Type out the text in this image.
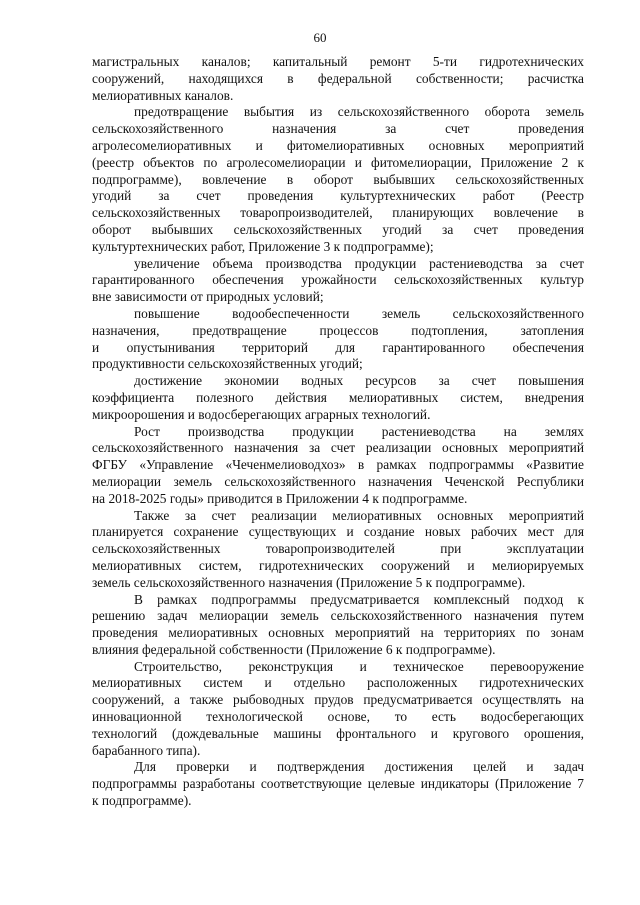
60
магистральных каналов; капитальный ремонт 5-ти гидротехнических
сооружений, находящихся в федеральной собственности; расчистка
мелиоративных каналов.
предотвращение выбытия из сельскохозяйственного оборота земель
сельскохозяйственного назначения за счет проведения
агролесомелиоративных и фитомелиоративных основных мероприятий
(реестр объектов по агролесомелиорации и фитомелиорации, Приложение 2 к
подпрограмме), вовлечение в оборот выбывших сельскохозяйственных
угодий за счет проведения культуртехнических работ (Реестр
сельскохозяйственных товаропроизводителей, планирующих вовлечение в
оборот выбывших сельскохозяйственных угодий за счет проведения
культуртехнических работ, Приложение 3 к подпрограмме);
увеличение объема производства продукции растениеводства за счет
гарантированного обеспечения урожайности сельскохозяйственных культур
вне зависимости от природных условий;
повышение водообеспеченности земель сельскохозяйственного
назначения, предотвращение процессов подтопления, затопления
и опустынивания территорий для гарантированного обеспечения
продуктивности сельскохозяйственных угодий;
достижение экономии водных ресурсов за счет повышения
коэффициента полезного действия мелиоративных систем, внедрения
микроорошения и водосберегающих аграрных технологий.
Рост производства продукции растениеводства на землях
сельскохозяйственного назначения за счет реализации основных мероприятий
ФГБУ «Управление «Чеченмелиоводхоз» в рамках подпрограммы «Развитие
мелиорации земель сельскохозяйственного назначения Чеченской Республики
на 2018-2025 годы» приводится в Приложении 4 к подпрограмме.
Также за счет реализации мелиоративных основных мероприятий
планируется сохранение существующих и создание новых рабочих мест для
сельскохозяйственных товаропроизводителей при эксплуатации
мелиоративных систем, гидротехнических сооружений и мелиорируемых
земель сельскохозяйственного назначения (Приложение 5 к подпрограмме).
В рамках подпрограммы предусматривается комплексный подход к
решению задач мелиорации земель сельскохозяйственного назначения путем
проведения мелиоративных основных мероприятий на территориях по зонам
влияния федеральной собственности (Приложение 6 к подпрограмме).
Строительство, реконструкция и техническое перевооружение
мелиоративных систем и отдельно расположенных гидротехнических
сооружений, а также рыбоводных прудов предусматривается осуществлять на
инновационной технологической основе, то есть водосберегающих
технологий (дождевальные машины фронтального и кругового орошения,
барабанного типа).
Для проверки и подтверждения достижения целей и задач
подпрограммы разработаны соответствующие целевые индикаторы (Приложение 7
к подпрограмме).
